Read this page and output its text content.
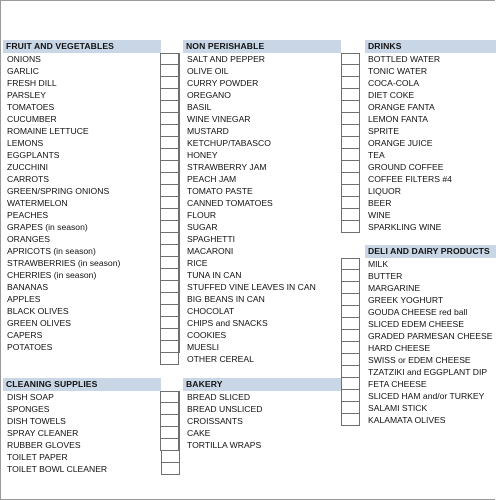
FRUIT AND VEGETABLES
ONIONS
GARLIC
FRESH DILL
PARSLEY
TOMATOES
CUCUMBER
ROMAINE LETTUCE
LEMONS
EGGPLANTS
ZUCCHINI
CARROTS
GREEN/SPRING ONIONS
WATERMELON
PEACHES
GRAPES (in season)
ORANGES
APRICOTS (in season)
STRAWBERRIES (in season)
CHERRIES (in season)
BANANAS
APPLES
BLACK OLIVES
GREEN OLIVES
CAPERS
POTATOES
CLEANING SUPPLIES
DISH SOAP
SPONGES
DISH TOWELS
SPRAY CLEANER
RUBBER GLOVES
TOILET PAPER
TOILET BOWL CLEANER
NON PERISHABLE
SALT AND PEPPER
OLIVE OIL
CURRY POWDER
OREGANO
BASIL
WINE VINEGAR
MUSTARD
KETCHUP/TABASCO
HONEY
STRAWBERRY JAM
PEACH JAM
TOMATO PASTE
CANNED TOMATOES
FLOUR
SUGAR
SPAGHETTI
MACARONI
RICE
TUNA IN CAN
STUFFED VINE LEAVES IN CAN
BIG BEANS IN CAN
CHOCOLAT
CHIPS and SNACKS
COOKIES
MUESLI
OTHER CEREAL
BAKERY
BREAD SLICED
BREAD UNSLICED
CROISSANTS
CAKE
TORTILLA WRAPS
DRINKS
BOTTLED WATER
TONIC WATER
COCA-COLA
DIET COKE
ORANGE FANTA
LEMON FANTA
SPRITE
ORANGE JUICE
TEA
GROUND COFFEE
COFFEE FILTERS #4
LIQUOR
BEER
WINE
SPARKLING WINE
DELI AND DAIRY PRODUCTS
MILK
BUTTER
MARGARINE
GREEK YOGHURT
GOUDA CHEESE red ball
SLICED EDEM CHEESE
GRADED PARMESAN CHEESE
HARD CHEESE
SWISS or EDEM CHEESE
TZATZIKI and EGGPLANT DIP
FETA CHEESE
SLICED HAM and/or TURKEY
SALAMI STICK
KALAMATA OLIVES
